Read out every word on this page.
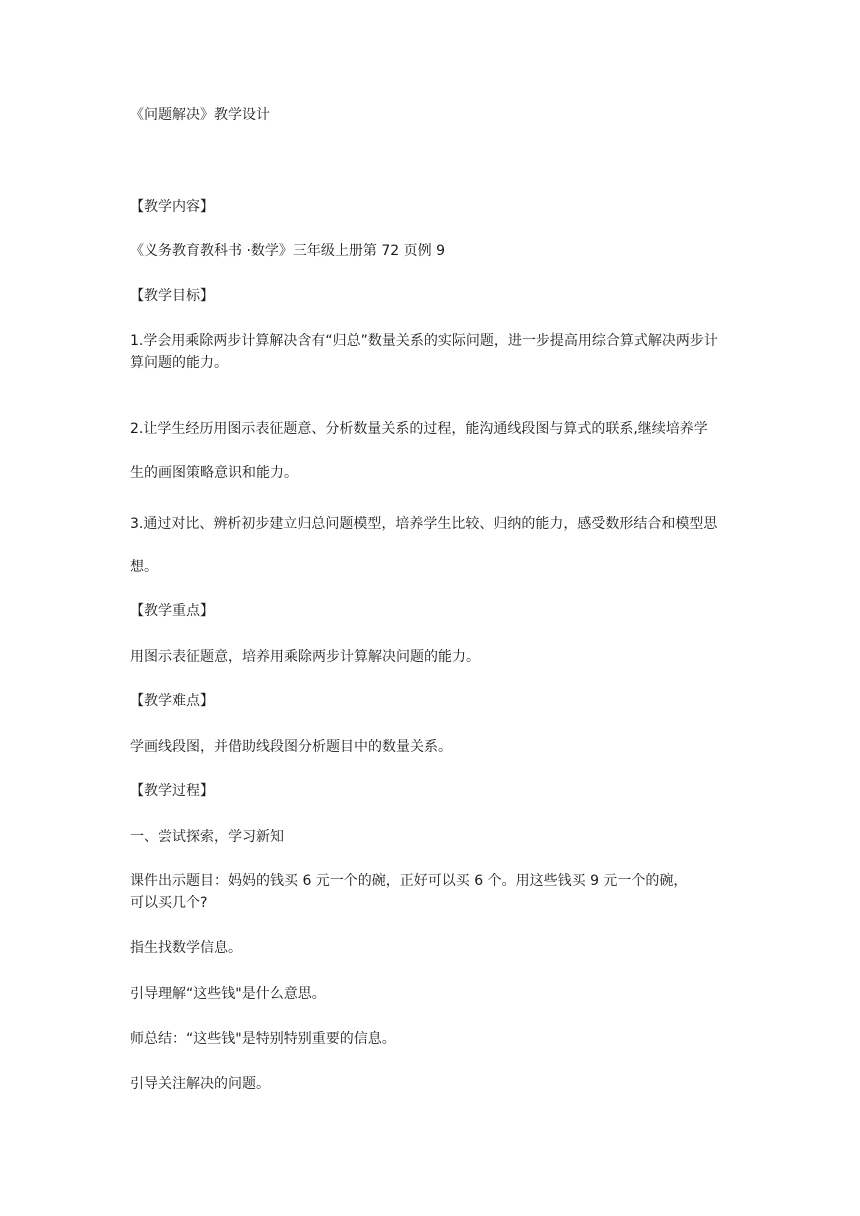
《问题解决》教学设计
【教学内容】
《义务教育教科书 ·数学》三年级上册第 72 页例 9
【教学目标】
1.学会用乘除两步计算解决含有“归总”数量关系的实际问题，进一步提高用综合算式解决两步计
算问题的能力。
2.让学生经历用图示表征题意、分析数量关系的过程，能沟通线段图与算式的联系,继续培养学
生的画图策略意识和能力。
3.通过对比、辨析初步建立归总问题模型，培养学生比较、归纳的能力，感受数形结合和模型思
想。
【教学重点】
用图示表征题意，培养用乘除两步计算解决问题的能力。
【教学难点】
学画线段图，并借助线段图分析题目中的数量关系。
【教学过程】
一、尝试探索，学习新知
课件出示题目：妈妈的钱买 6 元一个的碗，正好可以买 6 个。用这些钱买 9 元一个的碗，
可以买几个?
指生找数学信息。
引导理解“这些钱"是什么意思。
师总结：“这些钱"是特别特别重要的信息。
引导关注解决的问题。
